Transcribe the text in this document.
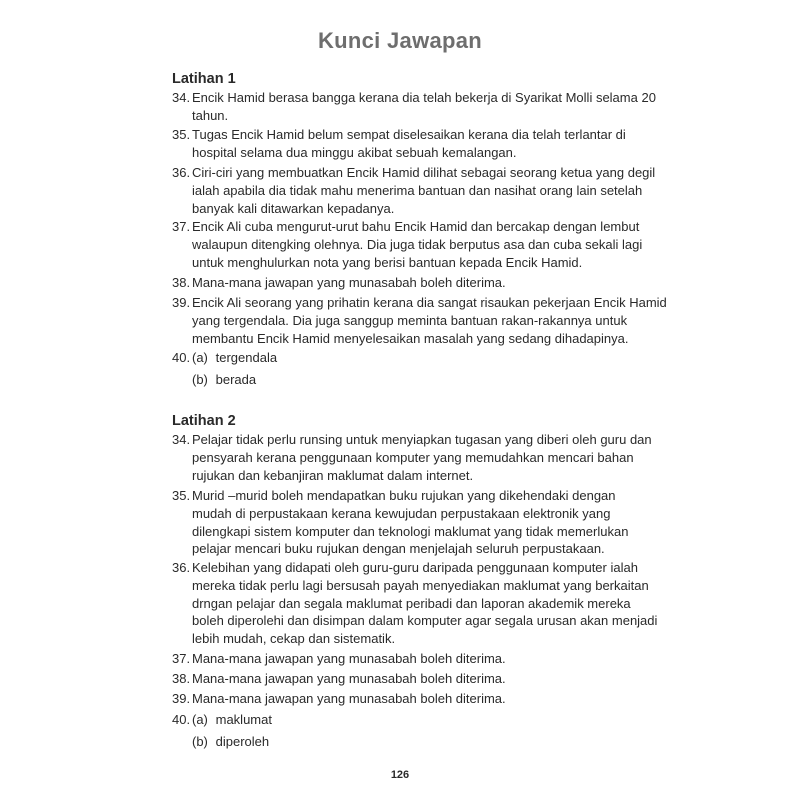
Kunci Jawapan
Latihan 1
34. Encik Hamid berasa bangga kerana dia telah bekerja di Syarikat Molli selama 20
tahun.
35. Tugas Encik Hamid belum sempat diselesaikan kerana dia telah terlantar di
hospital selama dua minggu akibat sebuah kemalangan.
36. Ciri-ciri yang membuatkan Encik Hamid dilihat sebagai seorang ketua yang degil
ialah apabila dia tidak mahu menerima bantuan dan nasihat orang lain setelah
banyak kali ditawarkan kepadanya.
37. Encik Ali cuba mengurut-urut bahu Encik Hamid dan bercakap dengan lembut
walaupun ditengking olehnya. Dia juga tidak berputus asa dan cuba sekali lagi
untuk menghulurkan nota yang berisi bantuan kepada Encik Hamid.
38. Mana-mana jawapan yang munasabah boleh diterima.
39. Encik Ali seorang yang prihatin kerana dia sangat risaukan pekerjaan Encik Hamid
yang tergendala. Dia juga sanggup meminta bantuan rakan-rakannya untuk
membantu Encik Hamid menyelesaikan masalah yang sedang dihadapinya.
40. (a) tergendala
(b) berada
Latihan 2
34. Pelajar tidak perlu runsing untuk menyiapkan tugasan yang diberi oleh guru dan
pensyarah kerana penggunaan komputer yang memudahkan mencari bahan
rujukan dan kebanjiran maklumat dalam internet.
35. Murid –murid boleh mendapatkan buku rujukan yang dikehendaki dengan
mudah di perpustakaan kerana kewujudan perpustakaan elektronik yang
dilengkapi sistem komputer dan teknologi maklumat yang tidak memerlukan
pelajar mencari buku rujukan dengan menjelajah seluruh perpustakaan.
36. Kelebihan yang didapati oleh guru-guru daripada penggunaan komputer ialah
mereka tidak perlu lagi bersusah payah menyediakan maklumat yang berkaitan
drngan pelajar dan segala maklumat peribadi dan laporan akademik mereka
boleh diperolehi dan disimpan dalam komputer agar segala urusan akan menjadi
lebih mudah, cekap dan sistematik.
37. Mana-mana jawapan yang munasabah boleh diterima.
38. Mana-mana jawapan yang munasabah boleh diterima.
39. Mana-mana jawapan yang munasabah boleh diterima.
40. (a) maklumat
(b) diperoleh
126
